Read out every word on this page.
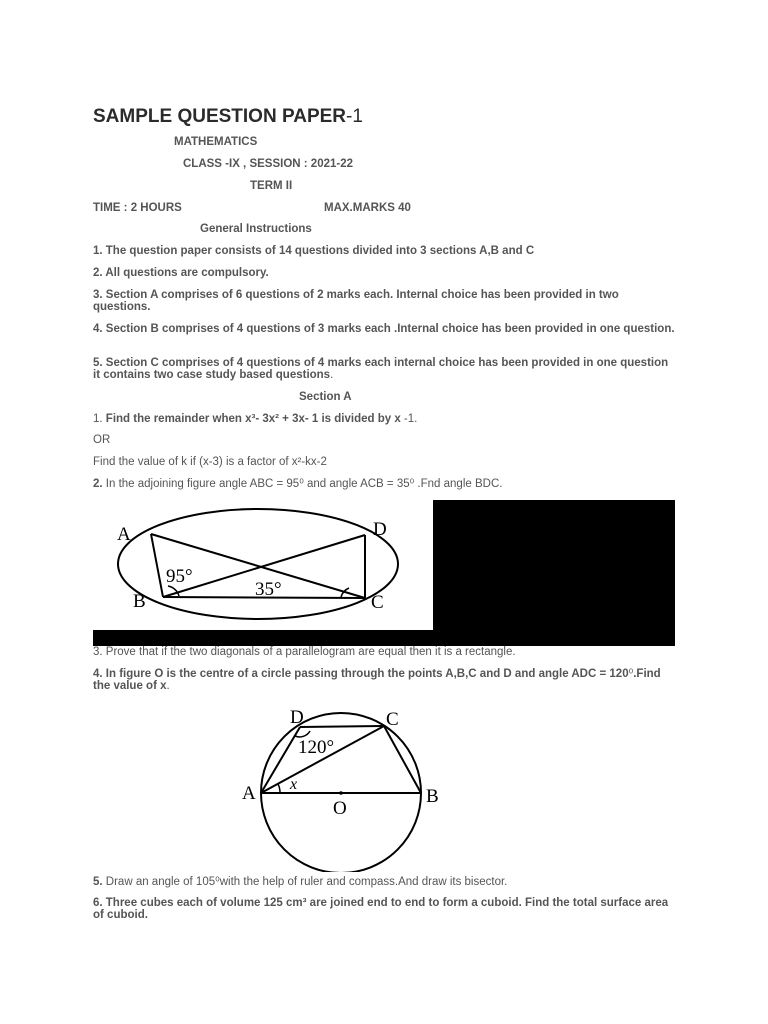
SAMPLE QUESTION PAPER-1
MATHEMATICS
CLASS -IX , SESSION : 2021-22
TERM II
TIME : 2 HOURS	MAX.MARKS 40
General Instructions
1. The question paper consists of 14 questions divided into 3 sections A,B and C
2. All questions are compulsory.
3. Section A comprises of 6 questions of 2 marks each. Internal choice has been provided in two questions.
4. Section B comprises of 4 questions of 3 marks each .Internal choice has been provided in one question.
5. Section C comprises of 4 questions of 4 marks each internal choice has been provided in one question it contains two case study based questions.
Section A
1. Find the remainder when x³- 3x² + 3x- 1 is divided by x -1.
OR
Find the value of k if (x-3) is a factor of x²-kx-2
2. In the adjoining figure angle ABC = 95⁰ and angle ACB = 35⁰ .Fnd angle BDC.
A
B	C
D
95°
35°
3. Prove that if the two diagonals of a parallelogram are equal then it is a rectangle.
4. In figure O is the centre of a circle passing through the points A,B,C and D and angle ADC = 120⁰.Find the value of x.
A	B
C
D
O
120°
x
5. Draw an angle of 105⁰with the help of ruler and compass.And draw its bisector.
6. Three cubes each of volume 125 cm³ are joined end to end to form a cuboid. Find the total surface area of cuboid.
